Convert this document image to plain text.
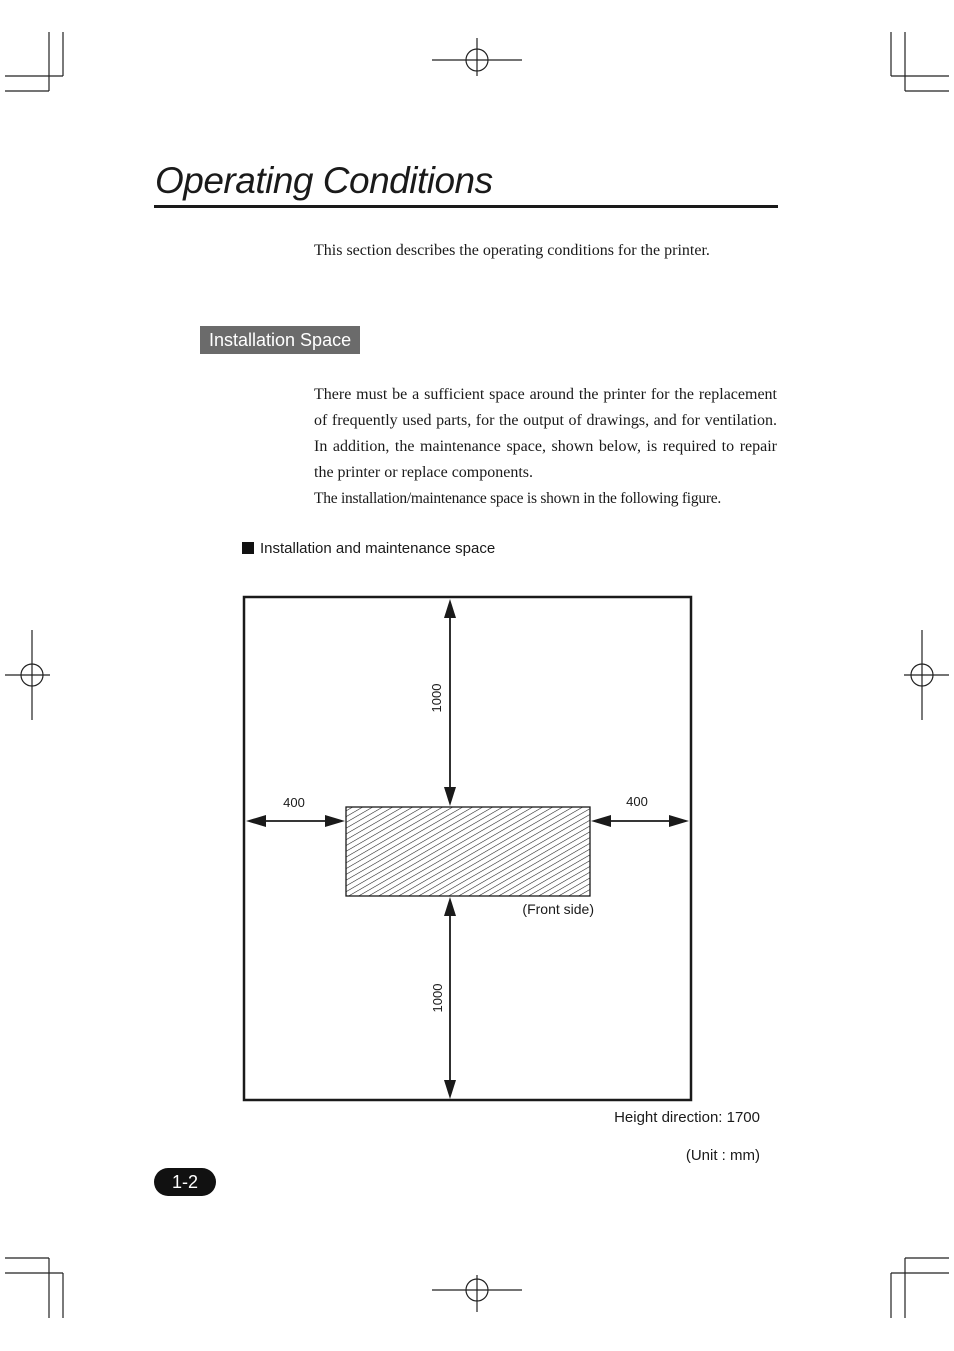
Operating Conditions

This section describes the operating conditions for the printer.

Installation Space

There must be a sufficient space around the printer for the replacement of frequently used parts, for the output of drawings, and for ventilation. In addition, the maintenance space, shown below, is required to repair the printer or replace components.

The installation/maintenance space is shown in the following figure.

Installation and maintenance space
1000
1000
400	400
(Front side)
Height direction: 1700
(Unit : mm)
1-2
